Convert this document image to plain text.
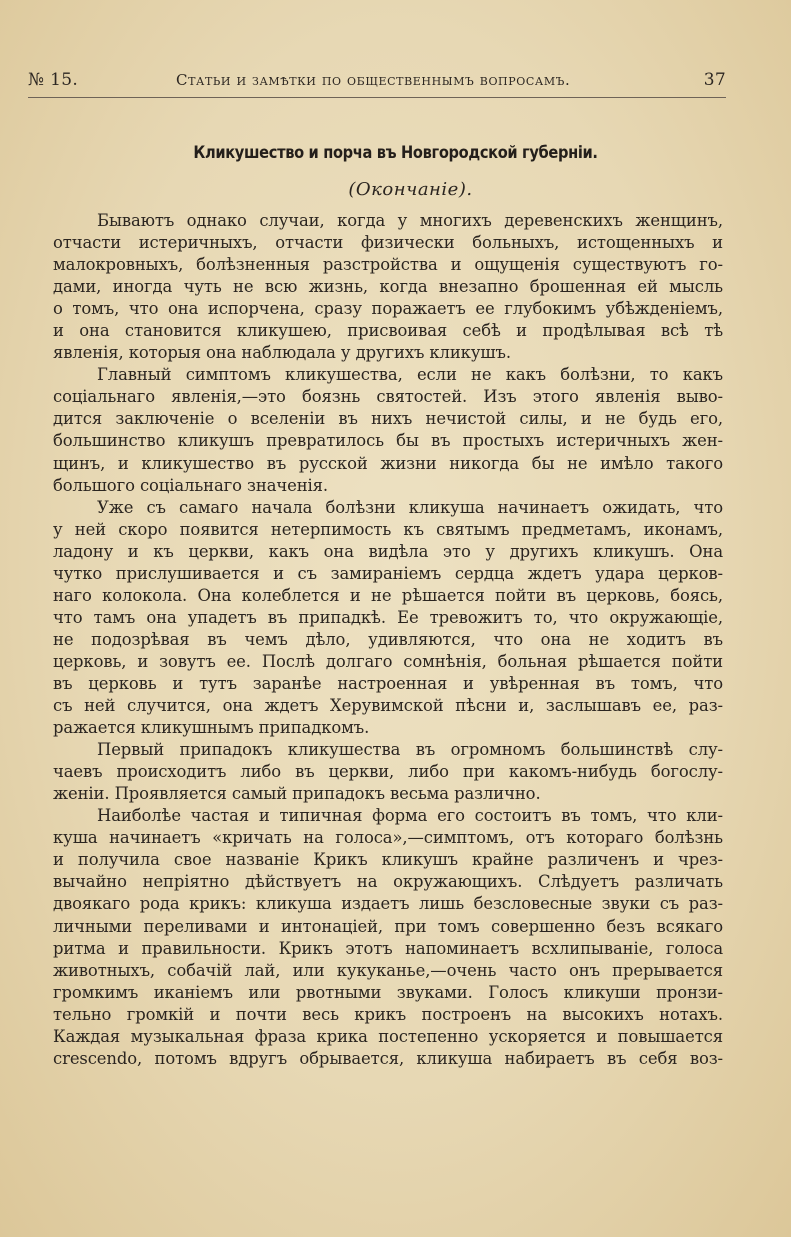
№ 15.	Статьи и замѣтки по общественнымъ вопросамъ.	37
Кликушество и порча въ Новгородской губерніи.
(Окончаніе).
Бываютъ однако случаи, когда у многихъ деревенскихъ женщинъ,
отчасти истеричныхъ, отчасти физически больныхъ, истощенныхъ и
малокровныхъ, болѣзненныя разстройства и ощущенія существуютъ го-
дами, иногда чуть не всю жизнь, когда внезапно брошенная ей мысль
о томъ, что она испорчена, сразу поражаетъ ее глубокимъ убѣжденіемъ,
и она становится кликушею, присвоивая себѣ и продѣлывая всѣ тѣ
явленія, которыя она наблюдала у другихъ кликушъ.
Главный симптомъ кликушества, если не какъ болѣзни, то какъ
соціальнаго явленія,—это боязнь святостей. Изъ этого явленія выво-
дится заключеніе о вселеніи въ нихъ нечистой силы, и не будь его,
большинство кликушъ превратилось бы въ простыхъ истеричныхъ жен-
щинъ, и кликушество въ русской жизни никогда бы не имѣло такого
большого соціальнаго значенія.
Уже съ самаго начала болѣзни кликуша начинаетъ ожидать, что
у ней скоро появится нетерпимость къ святымъ предметамъ, иконамъ,
ладону и къ церкви, какъ она видѣла это у другихъ кликушъ. Она
чутко прислушивается и съ замираніемъ сердца ждетъ удара церков-
наго колокола. Она колеблется и не рѣшается пойти въ церковь, боясь,
что тамъ она упадетъ въ припадкѣ. Ее тревожитъ то, что окружающіе,
не подозрѣвая въ чемъ дѣло, удивляются, что она не ходитъ въ
церковь, и зовутъ ее. Послѣ долгаго сомнѣнія, больная рѣшается пойти
въ церковь и тутъ заранѣе настроенная и увѣренная въ томъ, что
съ ней случится, она ждетъ Херувимской пѣсни и, заслышавъ ее, раз-
ражается кликушнымъ припадкомъ.
Первый припадокъ кликушества въ огромномъ большинствѣ слу-
чаевъ происходитъ либо въ церкви, либо при какомъ-нибудь богослу-
женіи. Проявляется самый припадокъ весьма различно.
Наиболѣе частая и типичная форма его состоитъ въ томъ, что кли-
куша начинаетъ «кричать на голоса»,—симптомъ, отъ котораго болѣзнь
и получила свое названіе Крикъ кликушъ крайне различенъ и чрез-
вычайно непріятно дѣйствуетъ на окружающихъ. Слѣдуетъ различать
двоякаго рода крикъ: кликуша издаетъ лишь безсловесные звуки съ раз-
личными переливами и интонацiей, при томъ совершенно безъ всякаго
ритма и правильности. Крикъ этотъ напоминаетъ всхлипываніе, голоса
животныхъ, собачiй лай, или кукуканье,—очень часто онъ прерывается
громкимъ иканіемъ или рвотными звуками. Голосъ кликуши пронзи-
тельно громкiй и почти весь крикъ построенъ на высокихъ нотахъ.
Каждая музыкальная фраза крика постепенно ускоряется и повышается
crescendo, потомъ вдругъ обрывается, кликуша набираетъ въ себя воз-
